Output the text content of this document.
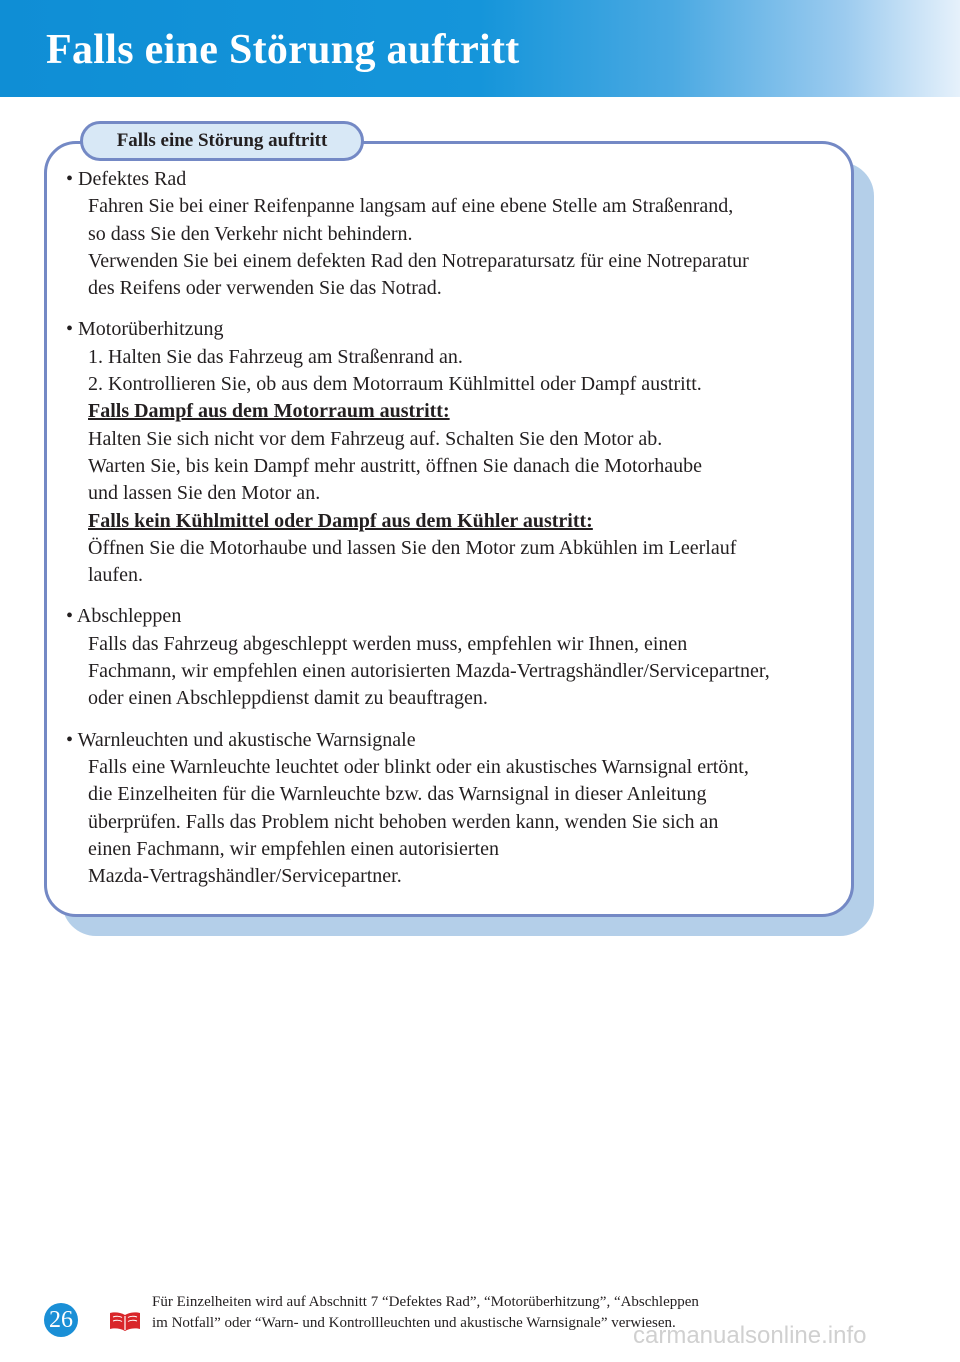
Falls eine Störung auftritt
Falls eine Störung auftritt
• Defektes Rad
Fahren Sie bei einer Reifenpanne langsam auf eine ebene Stelle am Straßenrand,
so dass Sie den Verkehr nicht behindern.
Verwenden Sie bei einem defekten Rad den Notreparatursatz für eine Notreparatur
des Reifens oder verwenden Sie das Notrad.
• Motorüberhitzung
1. Halten Sie das Fahrzeug am Straßenrand an.
2. Kontrollieren Sie, ob aus dem Motorraum Kühlmittel oder Dampf austritt.
Falls Dampf aus dem Motorraum austritt:
Halten Sie sich nicht vor dem Fahrzeug auf. Schalten Sie den Motor ab.
Warten Sie, bis kein Dampf mehr austritt, öffnen Sie danach die Motorhaube
und lassen Sie den Motor an.
Falls kein Kühlmittel oder Dampf aus dem Kühler austritt:
Öffnen Sie die Motorhaube und lassen Sie den Motor zum Abkühlen im Leerlauf
laufen.
• Abschleppen
Falls das Fahrzeug abgeschleppt werden muss, empfehlen wir Ihnen, einen
Fachmann, wir empfehlen einen autorisierten Mazda-Vertragshändler/Servicepartner,
oder einen Abschleppdienst damit zu beauftragen.
• Warnleuchten und akustische Warnsignale
Falls eine Warnleuchte leuchtet oder blinkt oder ein akustisches Warnsignal ertönt,
die Einzelheiten für die Warnleuchte bzw. das Warnsignal in dieser Anleitung
überprüfen. Falls das Problem nicht behoben werden kann, wenden Sie sich an
einen Fachmann, wir empfehlen einen autorisierten
Mazda-Vertragshändler/Servicepartner.
26
Für Einzelheiten wird auf Abschnitt 7 “Defektes Rad”, “Motorüberhitzung”, “Abschleppen
im Notfall” oder “Warn- und Kontrollleuchten und akustische Warnsignale” verwiesen.
carmanualsonline.info
